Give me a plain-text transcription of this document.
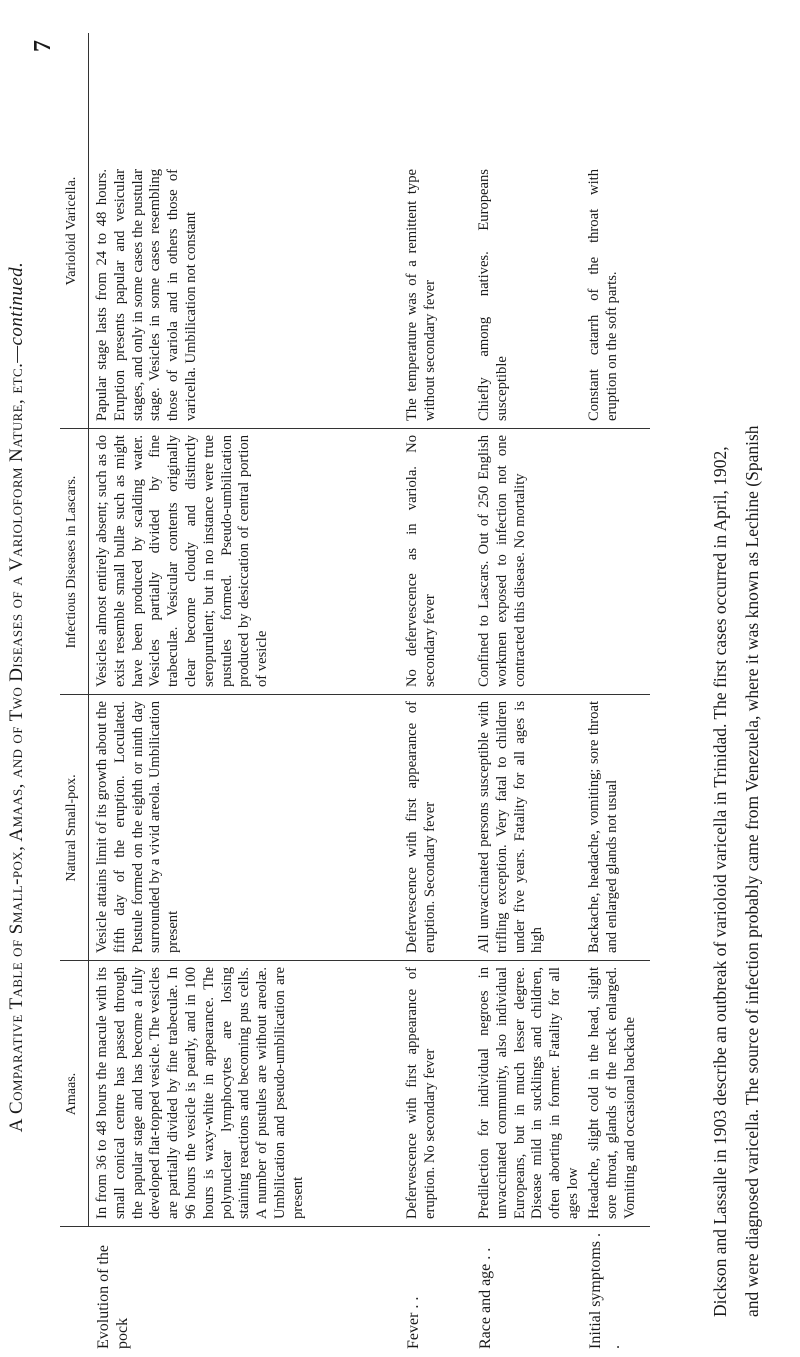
A Comparative Table of Small-pox, Amaas, and of Two Diseases of a Varioloform Nature, etc.—continued.
7
Amaas.
Natural Small-pox.
Infectious Diseases in Lascars.
Varioloid Varicella.
Evolution of the pock
In from 36 to 48 hours the macule with its small conical centre has passed through the papular stage and has become a fully developed flat-topped vesicle. The vesicles are partially divided by fine trabeculæ. In 96 hours the vesicle is pearly, and in 100 hours is waxy-white in appearance. The polynuclear lymphocytes are losing staining reactions and becoming pus cells. A number of pustules are without areolæ. Umbilication and pseudo-umbilication are present
Vesicle attains limit of its growth about the fifth day of the eruption. Loculated. Pustule formed on the eighth or ninth day surrounded by a vivid areola. Umbilication present
Vesicles almost entirely absent; such as do exist resemble small bullæ such as might have been produced by scalding water. Vesicles partially divided by fine trabeculæ. Vesicular contents originally clear become cloudy and distinctly seropurulent; but in no instance were true pustules formed. Pseudo-umbilication produced by desiccation of central portion of vesicle
Papular stage lasts from 24 to 48 hours. Eruption presents papular and vesicular stages, and only in some cases the pustular stage. Vesicles in some cases resembling those of variola and in others those of varicella. Umbilication not constant
Fever . .
Defervescence with first appearance of eruption. No secondary fever
Defervescence with first appearance of eruption. Secondary fever
No defervescence as in variola. No secondary fever
The temperature was of a remittent type without secondary fever
Race and age . .
Predilection for individual negroes in unvaccinated community, also individual Europeans, but in much lesser degree. Disease mild in sucklings and children, often aborting in former. Fatality for all ages low
All unvaccinated persons susceptible with trifling exception. Very fatal to children under five years. Fatality for all ages is high
Confined to Lascars. Out of 250 English workmen exposed to infection not one contracted this disease. No mortality
Chiefly among natives. Europeans susceptible
Initial symptoms . .
Headache, slight cold in the head, slight sore throat, glands of the neck enlarged. Vomiting and occasional backache
Backache, headache, vomiting; sore throat and enlarged glands not usual
Constant catarrh of the throat with eruption on the soft parts.
Dickson and Lassalle in 1903 describe an outbreak of varioloid varicella in Trinidad. The first cases occurred in April, 1902, and were diagnosed varicella. The source of infection probably came from Venezuela, where it was known as Lechine (Spanish
